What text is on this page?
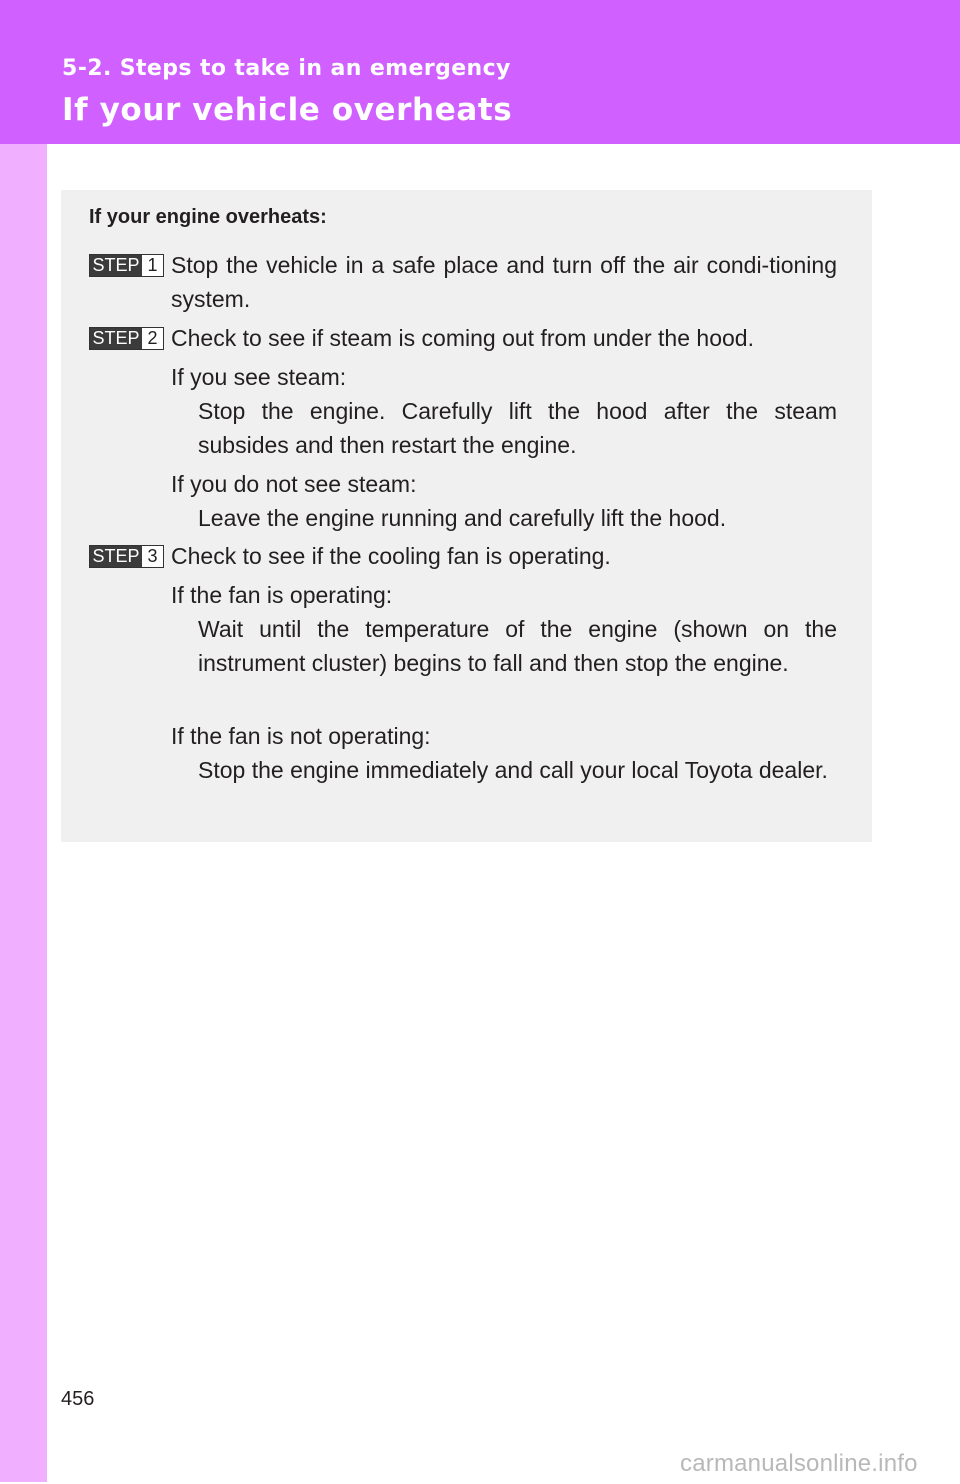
5-2. Steps to take in an emergency

If your vehicle overheats

If your engine overheats:

STEP 1 Stop the vehicle in a safe place and turn off the air condi-tioning system.

STEP 2 Check to see if steam is coming out from under the hood.

If you see steam:

Stop the engine. Carefully lift the hood after the steam subsides and then restart the engine.

If you do not see steam:

Leave the engine running and carefully lift the hood.

STEP 3 Check to see if the cooling fan is operating.

If the fan is operating:

Wait until the temperature of the engine (shown on the instrument cluster) begins to fall and then stop the engine.

If the fan is not operating:

Stop the engine immediately and call your local Toyota dealer.

456

carmanualsonline.info
